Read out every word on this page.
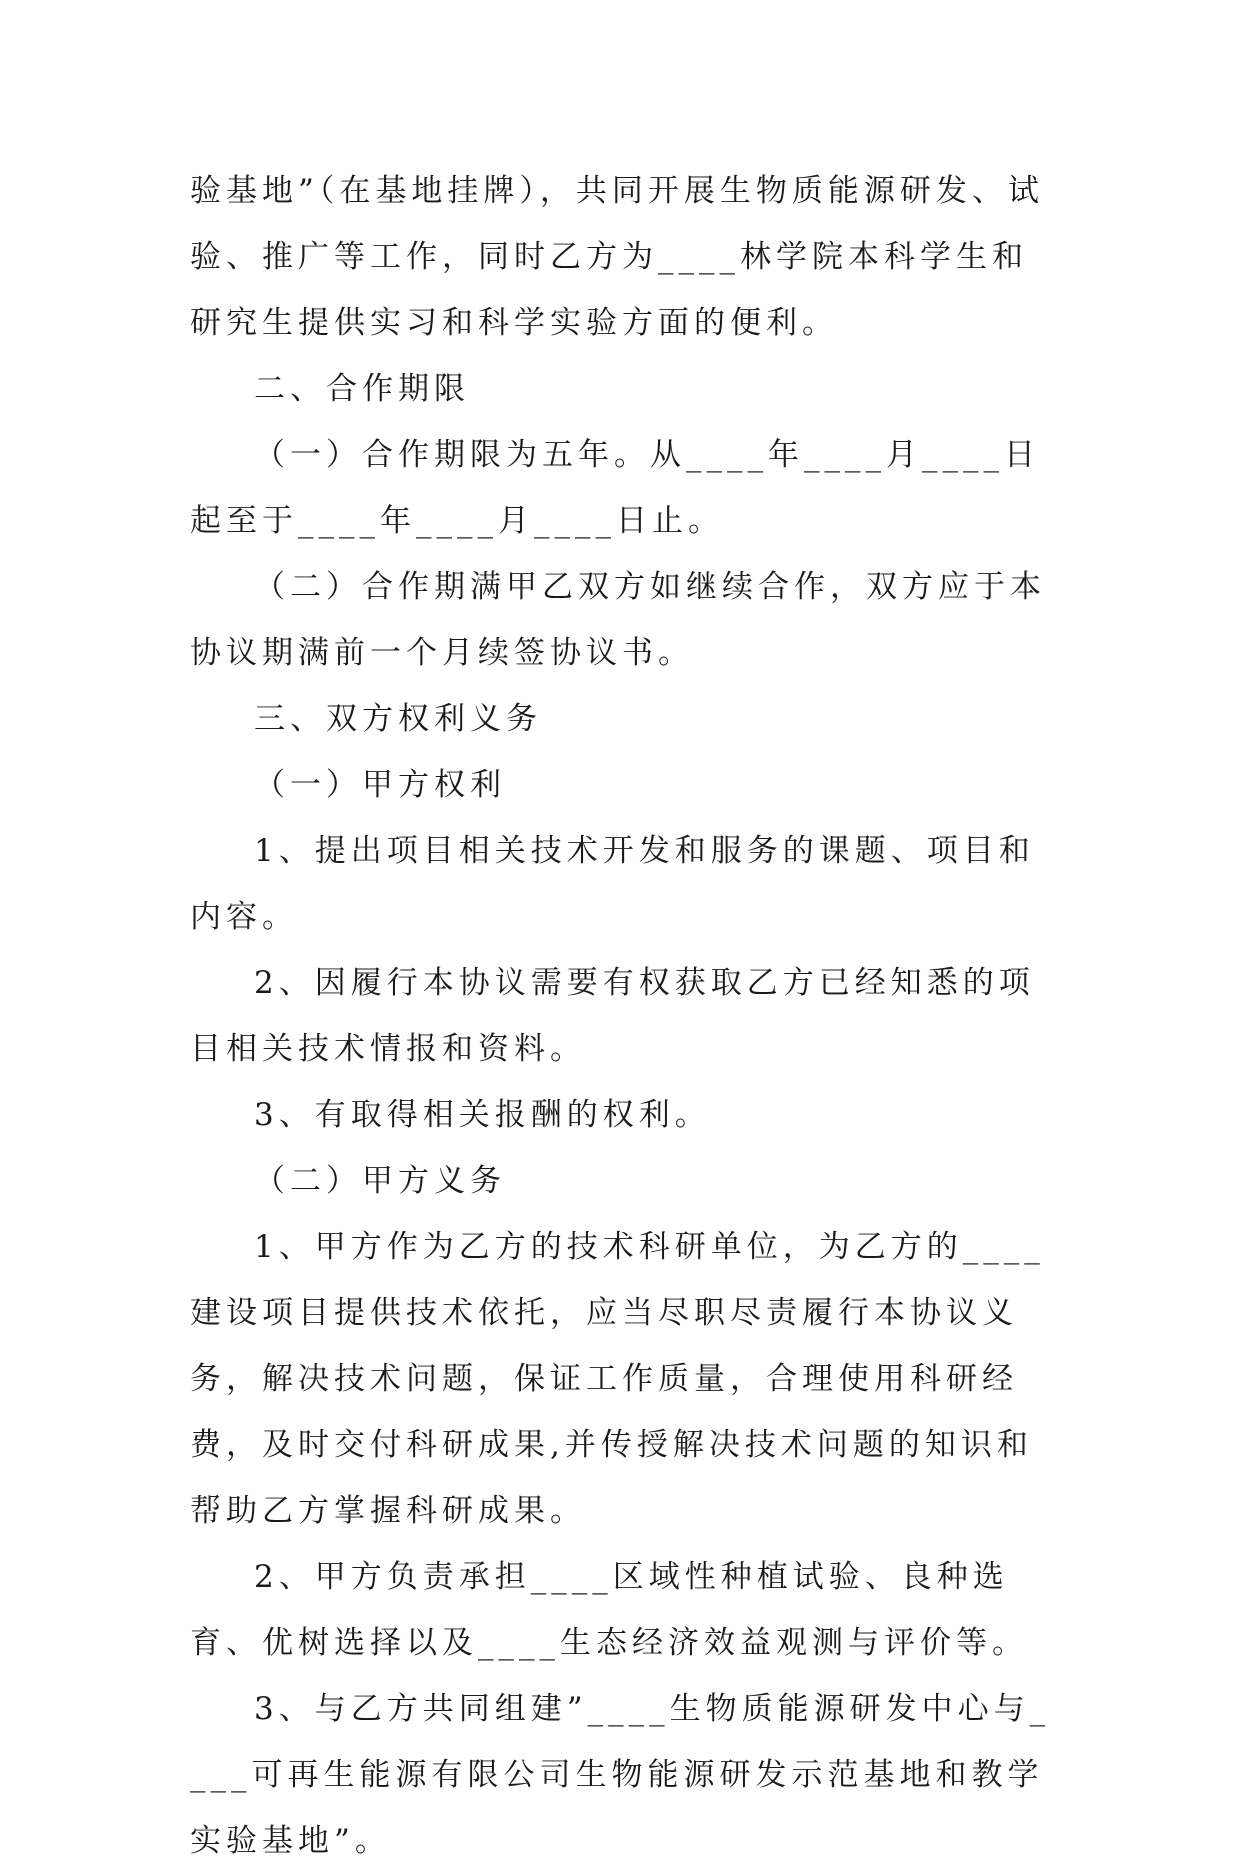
验基地”（在基地挂牌），共同开展生物质能源研发、试验、推广等工作，同时乙方为____林学院本科学生和研究生提供实习和科学实验方面的便利。

二、合作期限

（一）合作期限为五年。从____年____月____日起至于____年____月____日止。

（二）合作期满甲乙双方如继续合作，双方应于本协议期满前一个月续签协议书。

三、双方权利义务

（一）甲方权利

1、提出项目相关技术开发和服务的课题、项目和内容。

2、因履行本协议需要有权获取乙方已经知悉的项目相关技术情报和资料。

3、有取得相关报酬的权利。

（二）甲方义务

1、甲方作为乙方的技术科研单位，为乙方的____建设项目提供技术依托，应当尽职尽责履行本协议义务，解决技术问题，保证工作质量，合理使用科研经费，及时交付科研成果,并传授解决技术问题的知识和帮助乙方掌握科研成果。

2、甲方负责承担____区域性种植试验、良种选育、优树选择以及____生态经济效益观测与评价等。

3、与乙方共同组建”____生物质能源研发中心与____可再生能源有限公司生物能源研发示范基地和教学实验基地”。
